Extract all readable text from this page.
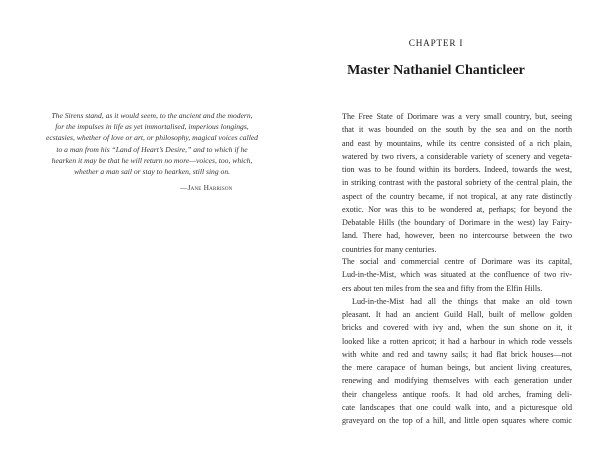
The Sirens stand, as it would seem, to the ancient and the modern,
for the impulses in life as yet immortalised, imperious longings,
ecstasies, whether of love or art, or philosophy, magical voices called
to a man from his “Land of Heart’s Desire,” and to which if he
hearken it may be that he will return no more—voices, too, which,
whether a man sail or stay to hearken, still sing on.
—Jane Harrison
CHAPTER I
Master Nathaniel Chanticleer
The Free State of Dorimare was a very small country, but, seeing
that it was bounded on the south by the sea and on the north
and east by mountains, while its centre consisted of a rich plain,
watered by two rivers, a considerable variety of scenery and vegeta-
tion was to be found within its borders. Indeed, towards the west,
in striking contrast with the pastoral sobriety of the central plain, the
aspect of the country became, if not tropical, at any rate distinctly
exotic. Nor was this to be wondered at, perhaps; for beyond the
Debatable Hills (the boundary of Dorimare in the west) lay Fairy-
land. There had, however, been no intercourse between the two
countries for many centuries.
The social and commercial centre of Dorimare was its capital,
Lud-in-the-Mist, which was situated at the confluence of two riv-
ers about ten miles from the sea and fifty from the Elfin Hills.
Lud-in-the-Mist had all the things that make an old town
pleasant. It had an ancient Guild Hall, built of mellow golden
bricks and covered with ivy and, when the sun shone on it, it
looked like a rotten apricot; it had a harbour in which rode vessels
with white and red and tawny sails; it had flat brick houses—not
the mere carapace of human beings, but ancient living creatures,
renewing and modifying themselves with each generation under
their changeless antique roofs. It had old arches, framing deli-
cate landscapes that one could walk into, and a picturesque old
graveyard on the top of a hill, and little open squares where comic
